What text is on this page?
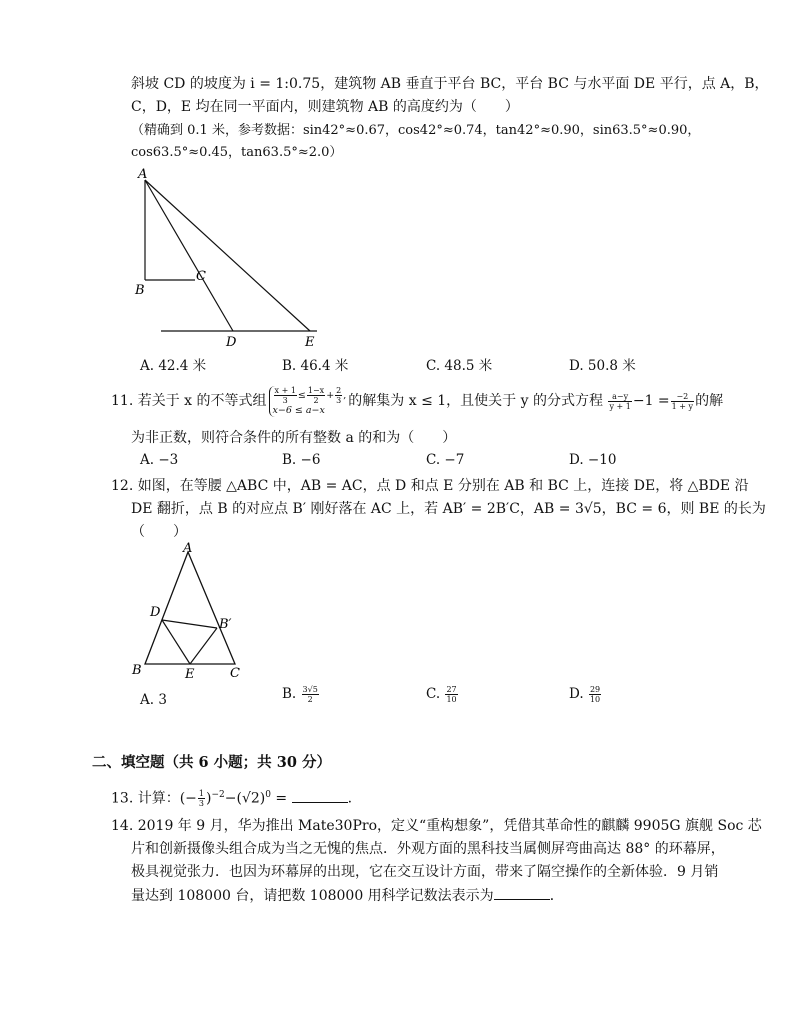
斜坡 CD 的坡度为 i = 1:0.75，建筑物 AB 垂直于平台 BC，平台 BC 与水平面 DE 平行，点 A，B，
C，D，E 均在同一平面内，则建筑物 AB 的高度约为（　　）
（精确到 0.1 米，参考数据：sin42°≈0.67，cos42°≈0.74，tan42°≈0.90，sin63.5°≈0.90，
cos63.5°≈0.45，tan63.5°≈2.0）
A
B
C
D	E
A. 42.4 米	B. 46.4 米	C. 48.5 米	D. 50.8 米
11. 若关于 x 的不等式组 $\frac{x + 1}{3} \le \frac{1-x}{2} + \frac{2}{3}$ ,
x−6 ≤ a−x
的解集为 x ≤ 1，且使关于 y 的分式方程 $\frac{a-y}{y + 1} -1 = \frac{-2}{1 + y}$ 的解
为非正数，则符合条件的所有整数 a 的和为（　　）
A. −3	B. −6	C. −7	D. −10
12. 如图，在等腰 △ABC 中，AB = AC，点 D 和点 E 分别在 AB 和 BC 上，连接 DE，将 △BDE 沿
DE 翻折，点 B 的对应点 B′ 刚好落在 AC 上，若 AB′ = 2B′C，AB = 3√5，BC = 6，则 BE 的长为
（　　）
A
D
B′
B	E	C
A. 3	B. $\frac{3√5}{2}$	C. $\frac{27}{10}$	D. $\frac{29}{10}$
二、填空题（共 6 小题；共 30 分）
13. 计算：(− $\frac{1}{3} )^{-2}-(√2)^0$ =	.
14. 2019 年 9 月，华为推出 Mate30Pro，定义“重构想象”，凭借其革命性的麒麟 9905G 旗舰 Soc 芯
片和创新摄像头组合成为当之无愧的焦点．外观方面的黑科技当属侧屏弯曲高达 88° 的环幕屏，
极具视觉张力．也因为环幕屏的出现，它在交互设计方面，带来了隔空操作的全新体验．9 月销
量达到 108000 台，请把数 108000 用科学记数法表示为	．
